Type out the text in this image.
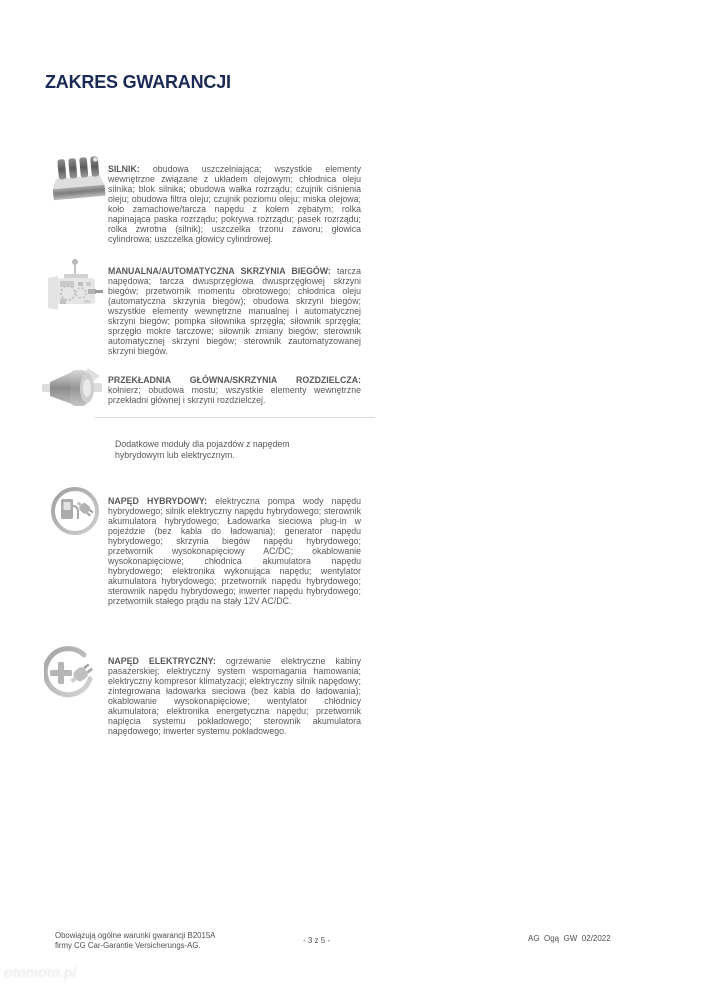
ZAKRES GWARANCJI

SILNIK: obudowa uszczelniająca; wszystkie elementy wewnętrzne związane z układem olejowym; chłodnica oleju silnika; blok silnika; obudowa wałka rozrządu; czujnik ciśnienia oleju; obudowa filtra oleju; czujnik poziomu oleju; miska olejowa; koło zamachowe/tarcza napędu z kołem zębatym; rolka napinająca paska rozrządu; pokrywa rozrządu; pasek rozrządu; rolka zwrotna (silnik); uszczelka trzonu zaworu; głowica cylindrowa; uszczelka głowicy cylindrowej.

MANUALNA/AUTOMATYCZNA SKRZYNIA BIEGÓW: tarcza napędowa; tarcza dwusprzęgłowa dwusprzęgłowej skrzyni biegów; przetwornik momentu obrotowego; chłodnica oleju (automatyczna skrzynia biegów); obudowa skrzyni biegów; wszystkie elementy wewnętrzne manualnej i automatycznej skrzyni biegów; pompka siłownika sprzęgła; siłownik sprzęgła; sprzęgło mokre tarczowe; siłownik zmiany biegów; sterownik automatycznej skrzyni biegów; sterownik zautomatyzowanej skrzyni biegów.

PRZEKŁADNIA GŁÓWNA/SKRZYNIA ROZDZIELCZA: kołnierz; obudowa mostu; wszystkie elementy wewnętrzne przekładni głównej i skrzyni rozdzielczej.

Dodatkowe moduły dla pojazdów z napędem hybrydowym lub elektrycznym.

NAPĘD HYBRYDOWY: elektryczna pompa wody napędu hybrydowego; silnik elektryczny napędu hybrydowego; sterownik akumulatora hybrydowego; Ładowarka sieciowa plug-in w pojeździe (bez kabla do ładowania); generator napędu hybrydowego; skrzynia biegów napędu hybrydowego; przetwornik wysokonapięciowy AC/DC; okablowanie wysokonapięciowe; chłodnica akumulatora napędu hybrydowego; elektronika wykonująca napędu; wentylator akumulatora hybrydowego; przetwornik napędu hybrydowego; sterownik napędu hybrydowego; inwerter napędu hybrydowego; przetwornik stałego prądu na stały 12V AC/DC.

NAPĘD ELEKTRYCZNY: ogrzewanie elektryczne kabiny pasażerskiej; elektryczny system wspomagania hamowania; elektryczny kompresor klimatyzacji; elektryczny silnik napędowy; zintegrowana ładowarka sieciowa (bez kabla do ładowania); okablowanie wysokonapięciowe; wentylator chłodnicy akumulatora; elektronika energetyczna napędu; przetwornik napięcia systemu pokładowego; sterownik akumulatora napędowego; inwerter systemu pokładowego.

Obowiązują ogólne warunki gwarancji B2015A
firmy CG Car-Garantie Versicherungs-AG.	- 3 z 5 -	AG  Ogą  GW  02/2022
otomoto.pl
